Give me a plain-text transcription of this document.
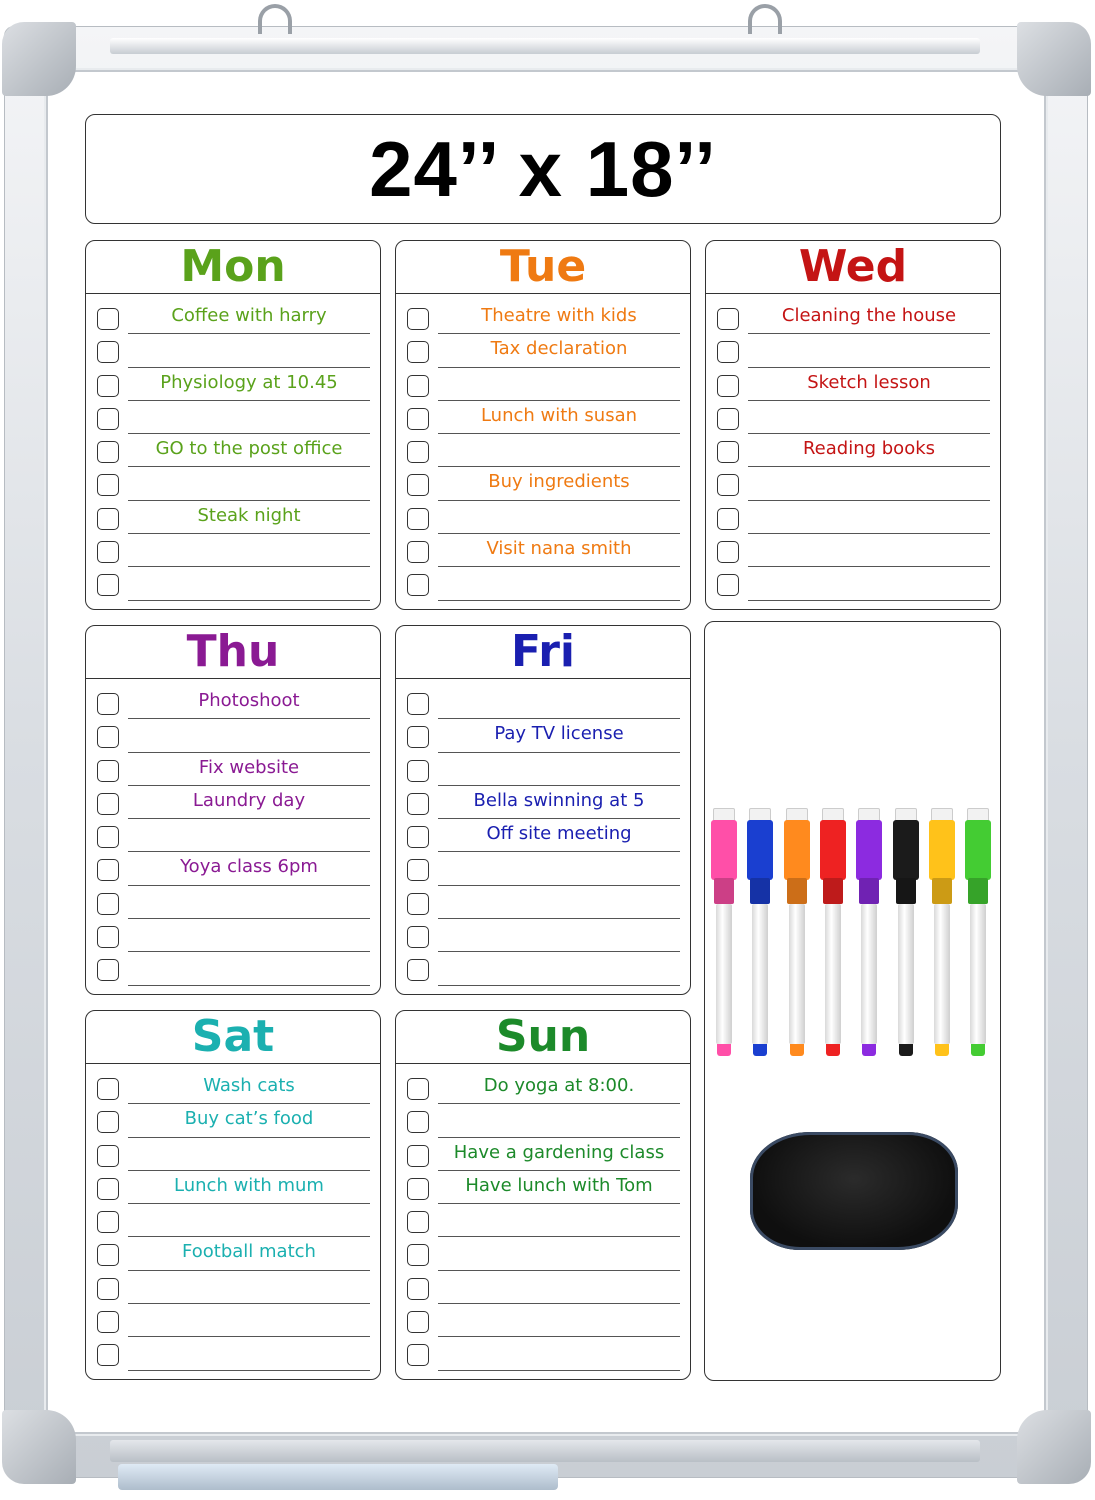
24’’ x 18’’
Mon
Coffee with harry
Physiology at 10.45
GO to the post office
Steak night
Tue
Theatre with kids
Tax declaration
Lunch with susan
Buy ingredients
Visit nana smith
Wed
Cleaning the house
Sketch lesson
Reading books
Thu
Photoshoot
Fix website
Laundry day
Yoya class 6pm
Fri
Pay TV license
Bella swinning at 5
Off site meeting
Sat
Wash cats
Buy cat’s food
Lunch with mum
Football match
Sun
Do yoga at 8:00.
Have a gardening class
Have lunch with Tom
